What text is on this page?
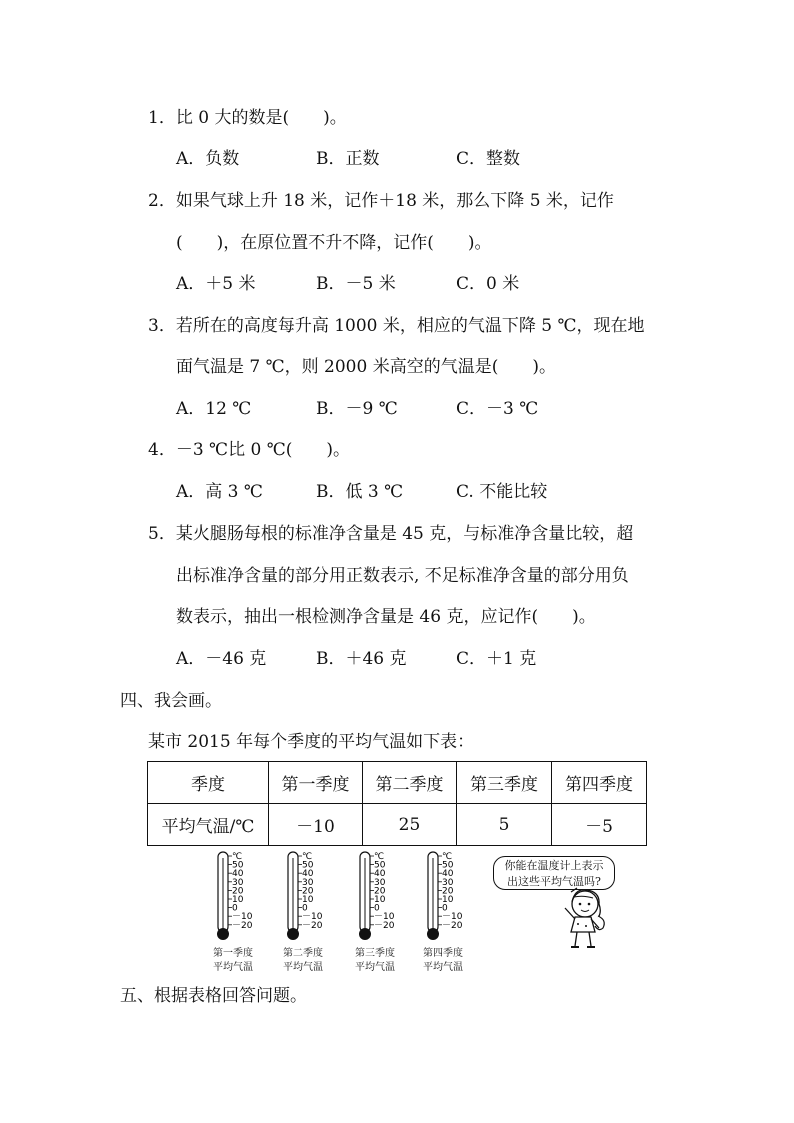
1．比 0 大的数是(　　)。
A．负数	B．正数	C．整数
2．如果气球上升 18 米，记作＋18 米，那么下降 5 米，记作
(　　)，在原位置不升不降，记作(　　)。
A．＋5 米	B．－5 米	C．0 米
3．若所在的高度每升高 1000 米，相应的气温下降 5 ℃，现在地
面气温是 7 ℃，则 2000 米高空的气温是(　　)。
A．12 ℃	B．－9 ℃	C．－3 ℃
4．－3 ℃比 0 ℃(　　)。
A．高 3 ℃	B．低 3 ℃	C. 不能比较
5．某火腿肠每根的标准净含量是 45 克，与标准净含量比较，超
出标准净含量的部分用正数表示, 不足标准净含量的部分用负
数表示，抽出一根检测净含量是 46 克，应记作(　　)。
A．－46 克	B．＋46 克	C．＋1 克
四、我会画。
某市 2015 年每个季度的平均气温如下表：
季度	第一季度	第二季度	第三季度	第四季度
平均气温/℃	－10	25	5	－5
℃
50
40
30
20
10
0
－10
－20
第一季度
平均气温
℃
50
40
30
20
10
0
－10
－20
第二季度
平均气温
℃
50
40
30
20
10
0
－10
－20
第三季度
平均气温
℃
50
40
30
20
10
0
－10
－20
第四季度
平均气温
你能在温度计上表示
出这些平均气温吗?
五、根据表格回答问题。
